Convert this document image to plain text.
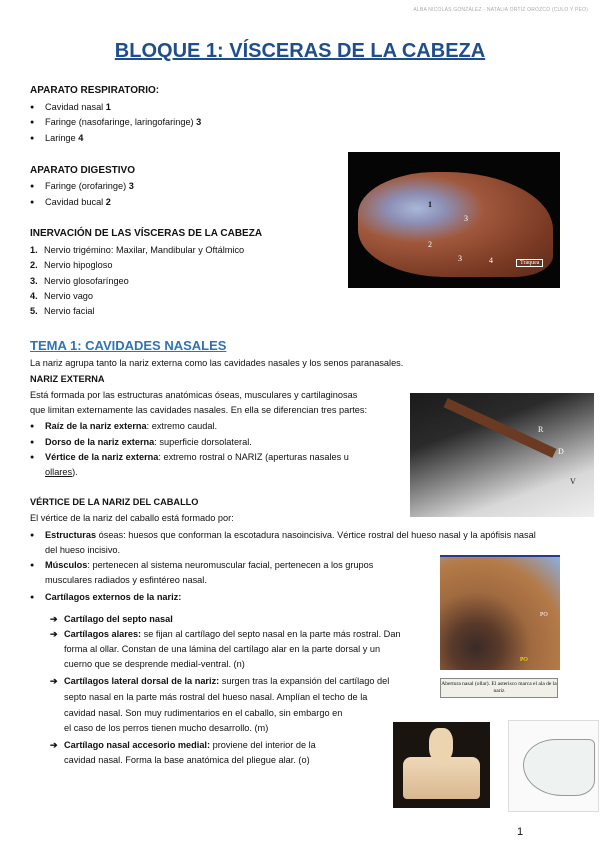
ALBA NICOLÁS GONZÁLEZ · NATALIA ORTIZ OROZCO (CULO Y PEO)
BLOQUE 1: VÍSCERAS DE LA CABEZA
APARATO RESPIRATORIO:
● Cavidad nasal 1
● Faringe (nasofaringe, laringofaringe) 3
● Laringe 4
APARATO DIGESTIVO
● Faringe (orofaringe) 3
● Cavidad bucal 2
INERVACIÓN DE LAS VÍSCERAS DE LA CABEZA
1. Nervio trigémino: Maxilar, Mandibular y Oftálmico
2. Nervio hipogloso
3. Nervio glosofaríngeo
4. Nervio vago
5. Nervio facial
1
2
3
3	4	Tráquea
TEMA 1: CAVIDADES NASALES
La nariz agrupa tanto la nariz externa como las cavidades nasales y los senos paranasales.
NARIZ EXTERNA
Está formada por las estructuras anatómicas óseas, musculares y cartilaginosas
que limitan externamente las cavidades nasales. En ella se diferencian tres partes:
● Raíz de la nariz externa: extremo caudal.
● Dorso de la nariz externa: superficie dorsolateral.
● Vértice de la nariz externa: extremo rostral o NARIZ (aperturas nasales u
ollares).
R
D
V
VÉRTICE DE LA NARIZ DEL CABALLO
El vértice de la nariz del caballo está formado por:
● Estructuras óseas: huesos que conforman la escotadura nasoincisiva. Vértice rostral del hueso nasal y la apófisis nasal
del hueso incisivo.
● Músculos: pertenecen al sistema neuromuscular facial, pertenecen a los grupos
musculares radiados y esfintéreo nasal.
● Cartílagos externos de la nariz:
➔ Cartílago del septo nasal
➔ Cartílagos alares: se fijan al cartílago del septo nasal en la parte más rostral. Dan
forma al ollar. Constan de una lámina del cartílago alar en la parte dorsal y un
cuerno que se desprende medial-ventral. (n)
➔ Cartílagos lateral dorsal de la nariz: surgen tras la expansión del cartílago del
septo nasal en la parte más rostral del hueso nasal. Amplían el techo de la
cavidad nasal. Son muy rudimentarios en el caballo, sin embargo en
el caso de los perros tienen mucho desarrollo. (m)
➔ Cartílago nasal accesorio medial: proviene del interior de la
cavidad nasal. Forma la base anatómica del pliegue alar. (o)
PO
PO
Abertura nasal (ollar). El asterisco marca el ala de la nariz
1
